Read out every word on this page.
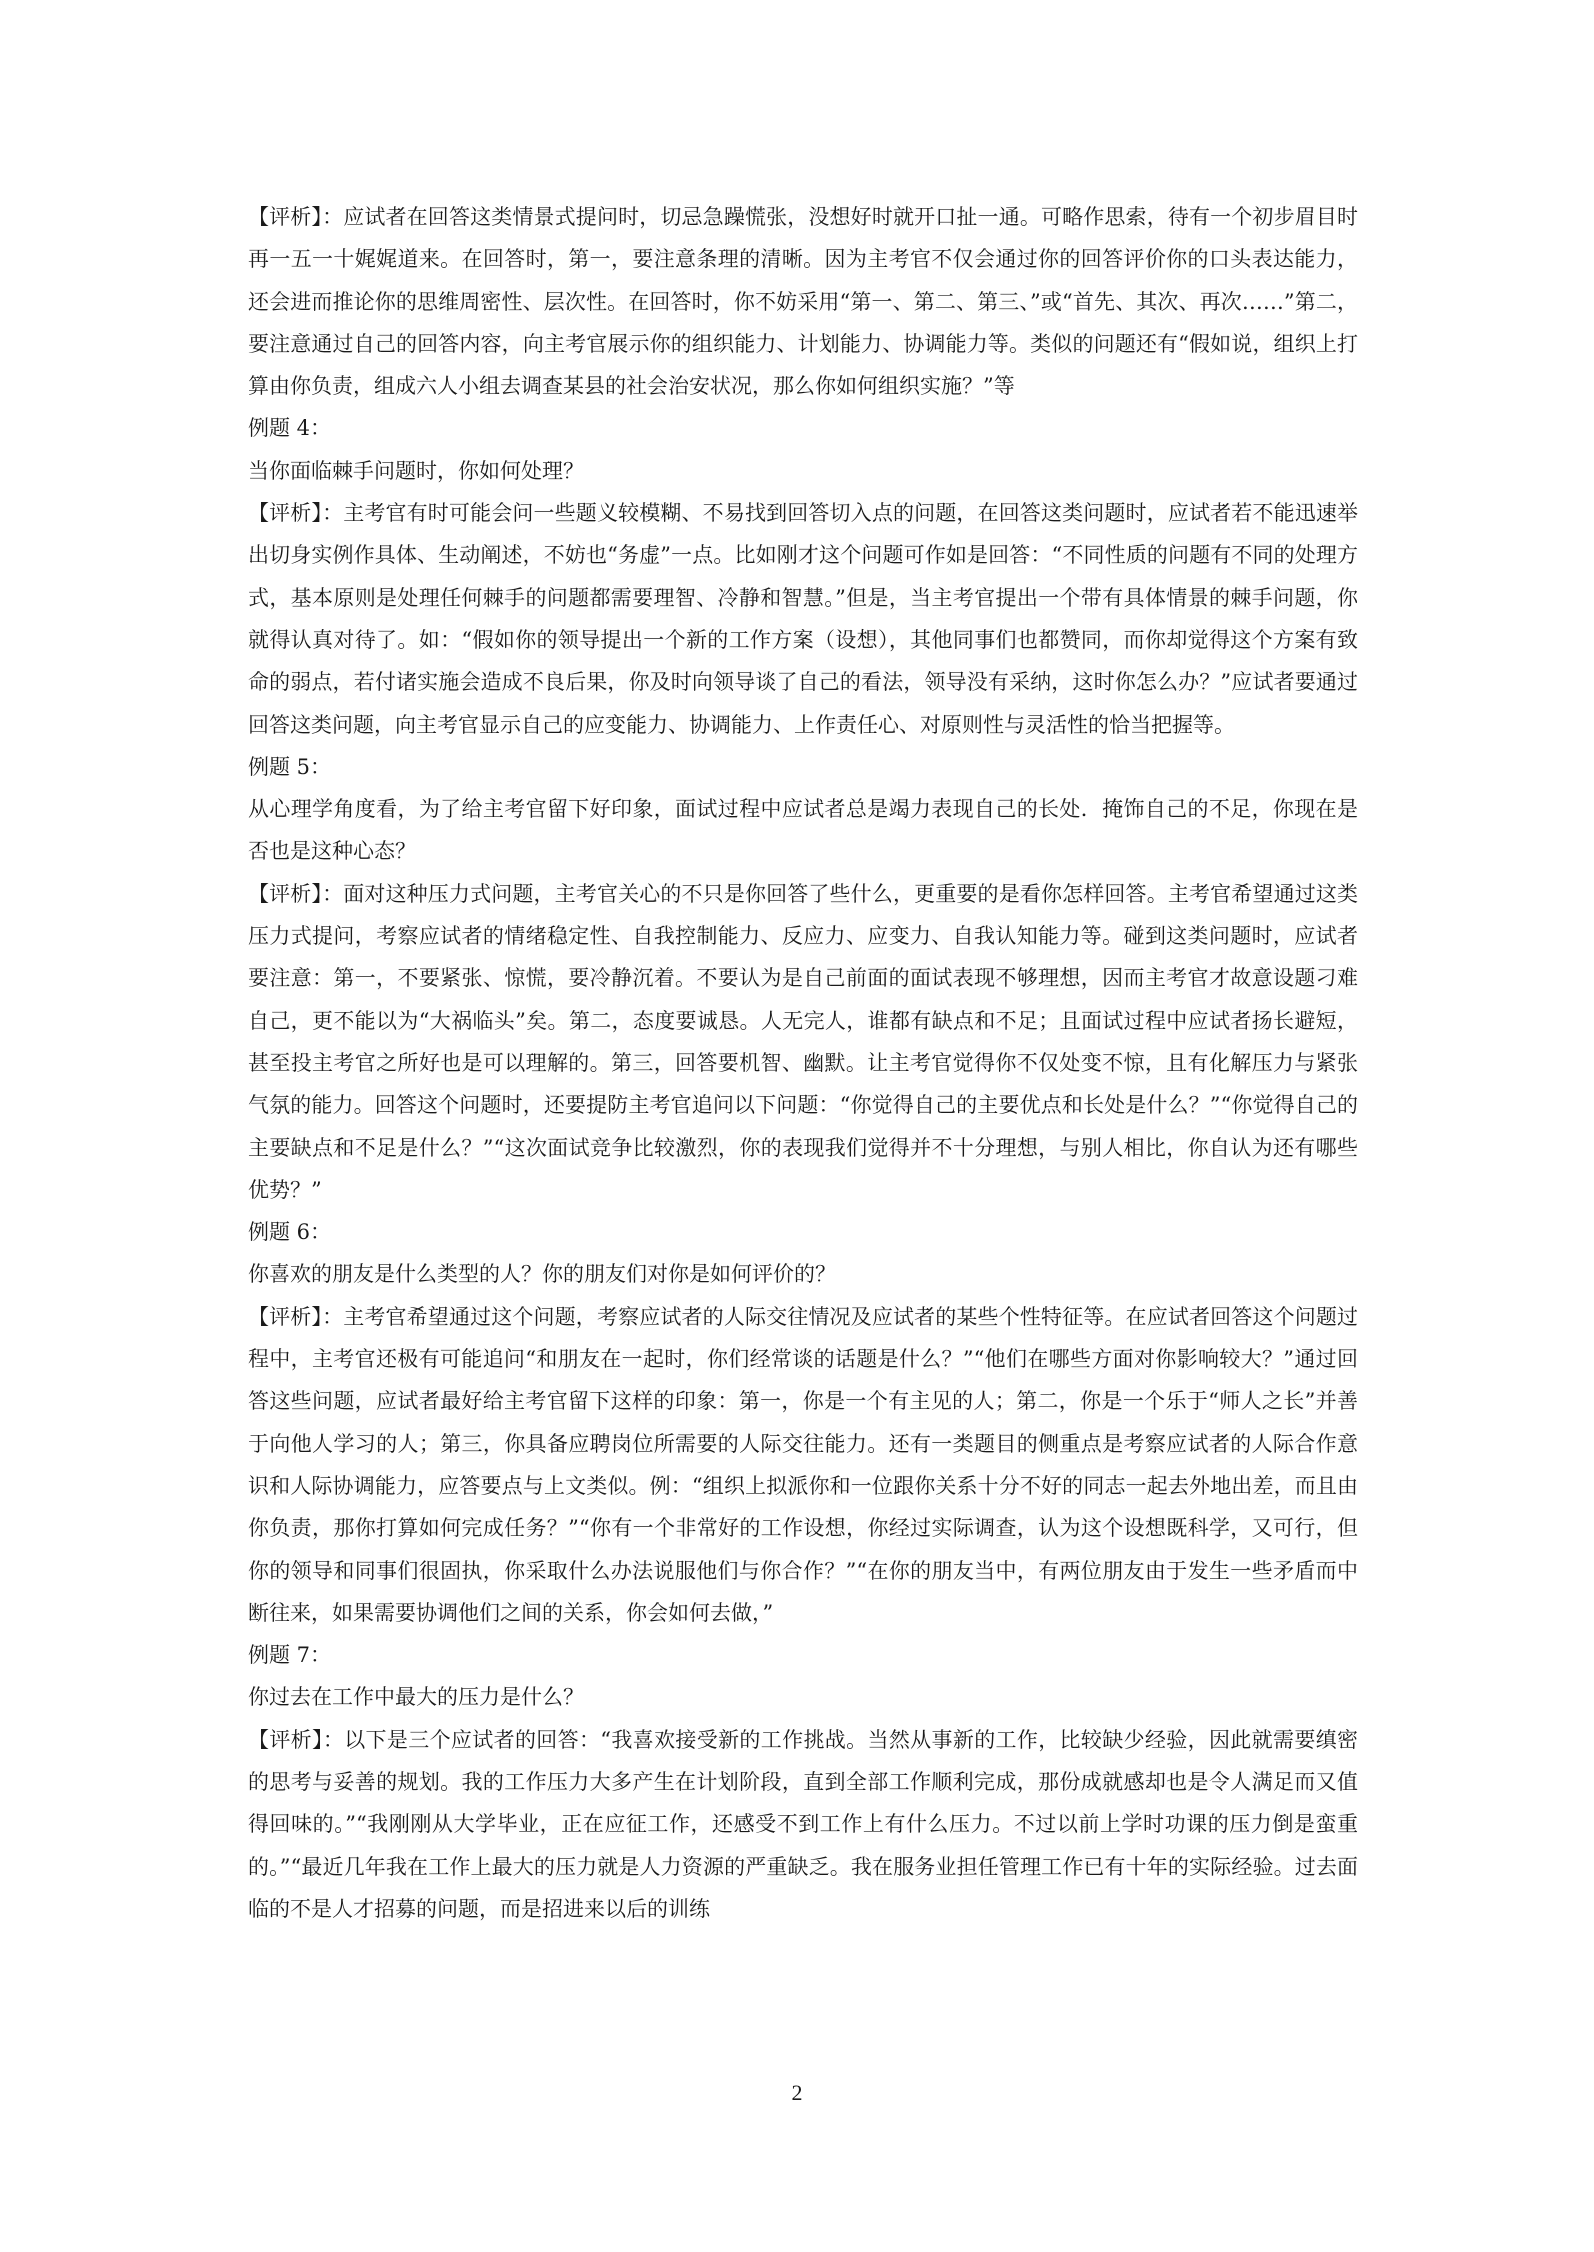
【评析】：应试者在回答这类情景式提问时，切忌急躁慌张，没想好时就开口扯一通。可略作思索，待有一个初步眉目时再一五一十娓娓道来。在回答时，第一，要注意条理的清晰。因为主考官不仅会通过你的回答评价你的口头表达能力，还会进而推论你的思维周密性、层次性。在回答时，你不妨采用“第一、第二、第三、”或“首先、其次、再次……”第二，要注意通过自己的回答内容，向主考官展示你的组织能力、计划能力、协调能力等。类似的问题还有“假如说，组织上打算由你负责，组成六人小组去调查某县的社会治安状况，那么你如何组织实施？”等

例题 4：

当你面临棘手问题时，你如何处理？

【评析】：主考官有时可能会问一些题义较模糊、不易找到回答切入点的问题，在回答这类问题时，应试者若不能迅速举出切身实例作具体、生动阐述，不妨也“务虚”一点。比如刚才这个问题可作如是回答：“不同性质的问题有不同的处理方式，基本原则是处理任何棘手的问题都需要理智、冷静和智慧。”但是，当主考官提出一个带有具体情景的棘手问题，你就得认真对待了。如：“假如你的领导提出一个新的工作方案（设想），其他同事们也都赞同，而你却觉得这个方案有致命的弱点，若付诸实施会造成不良后果，你及时向领导谈了自己的看法，领导没有采纳，这时你怎么办？”应试者要通过回答这类问题，向主考官显示自己的应变能力、协调能力、上作责任心、对原则性与灵活性的恰当把握等。

例题 5：

从心理学角度看，为了给主考官留下好印象，面试过程中应试者总是竭力表现自己的长处．掩饰自己的不足，你现在是否也是这种心态？

【评析】：面对这种压力式问题，主考官关心的不只是你回答了些什么，更重要的是看你怎样回答。主考官希望通过这类压力式提问，考察应试者的情绪稳定性、自我控制能力、反应力、应变力、自我认知能力等。碰到这类问题时，应试者要注意：第一，不要紧张、惊慌，要冷静沉着。不要认为是自己前面的面试表现不够理想，因而主考官才故意设题刁难自己，更不能以为“大祸临头”矣。第二，态度要诚恳。人无完人，谁都有缺点和不足；且面试过程中应试者扬长避短，甚至投主考官之所好也是可以理解的。第三，回答要机智、幽默。让主考官觉得你不仅处变不惊，且有化解压力与紧张气氛的能力。回答这个问题时，还要提防主考官追问以下问题：“你觉得自己的主要优点和长处是什么？”“你觉得自己的主要缺点和不足是什么？”“这次面试竞争比较激烈，你的表现我们觉得并不十分理想，与别人相比，你自认为还有哪些优势？”

例题 6：

你喜欢的朋友是什么类型的人？你的朋友们对你是如何评价的？

【评析】：主考官希望通过这个问题，考察应试者的人际交往情况及应试者的某些个性特征等。在应试者回答这个问题过程中，主考官还极有可能追问“和朋友在一起时，你们经常谈的话题是什么？”“他们在哪些方面对你影响较大？”通过回答这些问题，应试者最好给主考官留下这样的印象：第一，你是一个有主见的人；第二，你是一个乐于“师人之长”并善于向他人学习的人；第三，你具备应聘岗位所需要的人际交往能力。还有一类题目的侧重点是考察应试者的人际合作意识和人际协调能力，应答要点与上文类似。例：“组织上拟派你和一位跟你关系十分不好的同志一起去外地出差，而且由你负责，那你打算如何完成任务？”“你有一个非常好的工作设想，你经过实际调查，认为这个设想既科学，又可行，但你的领导和同事们很固执，你采取什么办法说服他们与你合作？”“在你的朋友当中，有两位朋友由于发生一些矛盾而中断往来，如果需要协调他们之间的关系，你会如何去做，”

例题 7：

你过去在工作中最大的压力是什么？

【评析】：以下是三个应试者的回答：“我喜欢接受新的工作挑战。当然从事新的工作，比较缺少经验，因此就需要缜密的思考与妥善的规划。我的工作压力大多产生在计划阶段，直到全部工作顺利完成，那份成就感却也是令人满足而又值得回味的。”“我刚刚从大学毕业，正在应征工作，还感受不到工作上有什么压力。不过以前上学时功课的压力倒是蛮重的。”“最近几年我在工作上最大的压力就是人力资源的严重缺乏。我在服务业担任管理工作已有十年的实际经验。过去面临的不是人才招募的问题，而是招进来以后的训练

2
